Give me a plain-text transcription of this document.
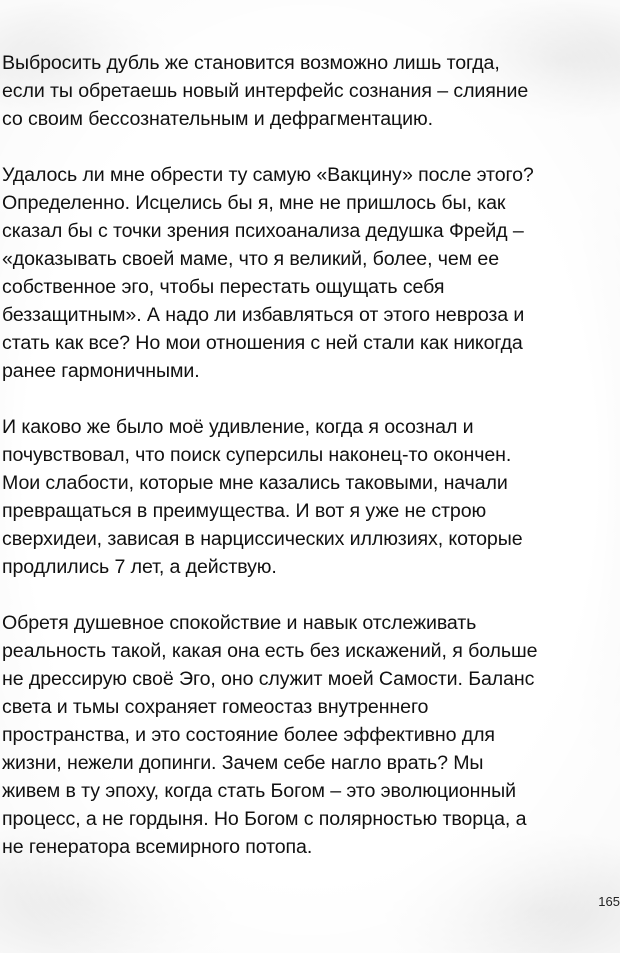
Выбросить дубль же становится возможно лишь тогда,
если ты обретаешь новый интерфейс сознания – слияние
со своим бессознательным и дефрагментацию.

Удалось ли мне обрести ту самую «Вакцину» после этого?
Определенно. Исцелись бы я, мне не пришлось бы, как
сказал бы с точки зрения психоанализа дедушка Фрейд –
«доказывать своей маме, что я великий, более, чем ее
собственное эго, чтобы перестать ощущать себя
беззащитным». А надо ли избавляться от этого невроза и
стать как все? Но мои отношения с ней стали как никогда
ранее гармоничными.

И каково же было моё удивление, когда я осознал и
почувствовал, что поиск суперсилы наконец-то окончен.
Мои слабости, которые мне казались таковыми, начали
превращаться в преимущества. И вот я уже не строю
сверхидеи, зависая в нарциссических иллюзиях, которые
продлились 7 лет, а действую.

Обретя душевное спокойствие и навык отслеживать
реальность такой, какая она есть без искажений, я больше
не дрессирую своё Эго, оно служит моей Самости. Баланс
света и тьмы сохраняет гомеостаз внутреннего
пространства, и это состояние более эффективно для
жизни, нежели допинги. Зачем себе нагло врать? Мы
живем в ту эпоху, когда стать Богом – это эволюционный
процесс, а не гордыня. Но Богом с полярностью творца, а
не генератора всемирного потопа.

165
